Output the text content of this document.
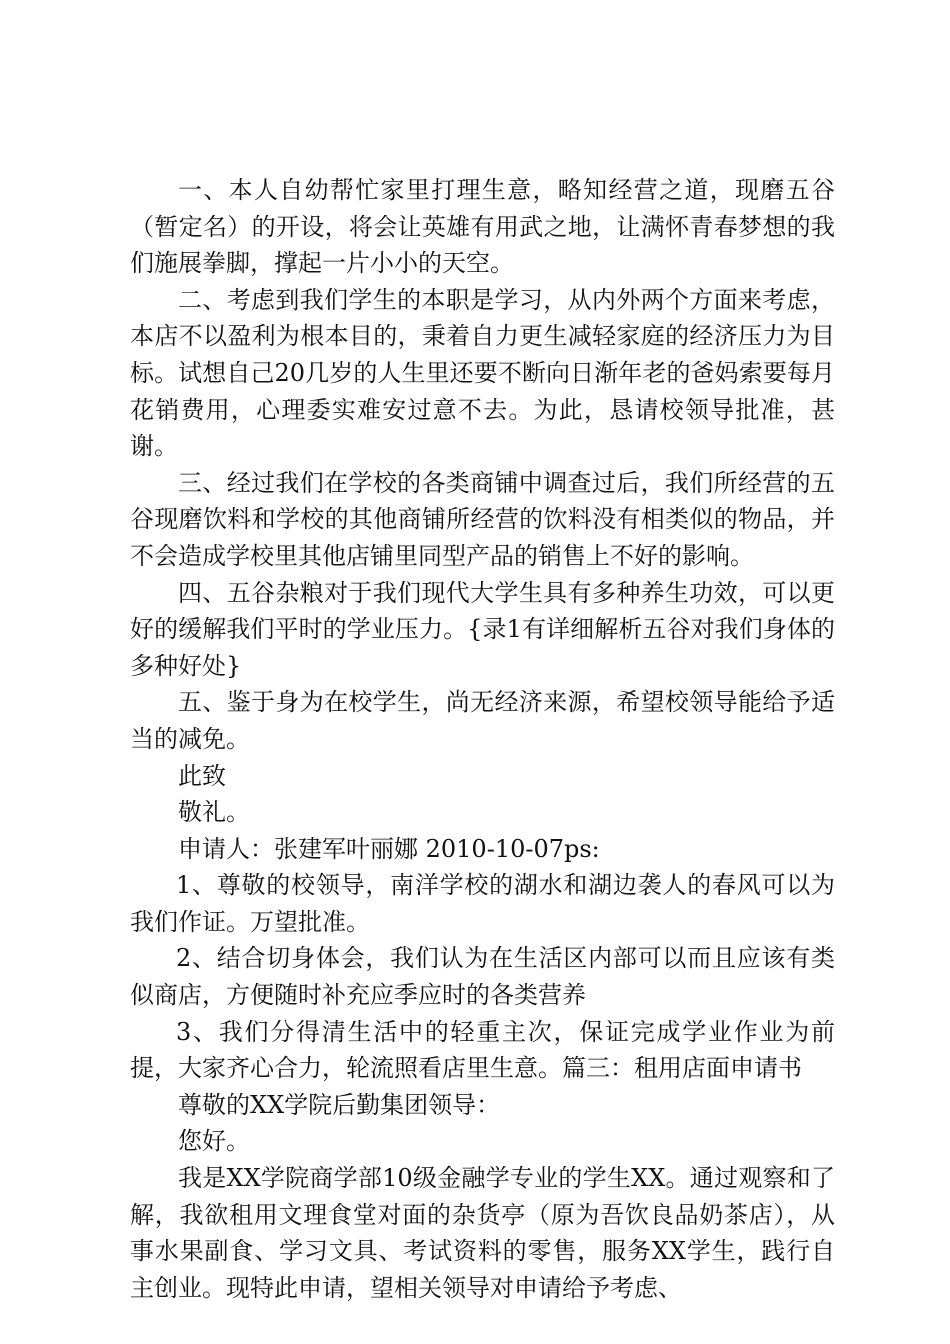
一、本人自幼帮忙家里打理生意，略知经营之道，现磨五谷（暂定名）的开设，将会让英雄有用武之地，让满怀青春梦想的我们施展拳脚，撑起一片小小的天空。

二、考虑到我们学生的本职是学习，从内外两个方面来考虑，本店不以盈利为根本目的，秉着自力更生减轻家庭的经济压力为目标。试想自己20几岁的人生里还要不断向日渐年老的爸妈索要每月花销费用，心理委实难安过意不去。为此，恳请校领导批准，甚谢。

三、经过我们在学校的各类商铺中调查过后，我们所经营的五谷现磨饮料和学校的其他商铺所经营的饮料没有相类似的物品，并不会造成学校里其他店铺里同型产品的销售上不好的影响。

四、五谷杂粮对于我们现代大学生具有多种养生功效，可以更好的缓解我们平时的学业压力。{录1有详细解析五谷对我们身体的多种好处}

五、鉴于身为在校学生，尚无经济来源，希望校领导能给予适当的减免。

此致

敬礼。

申请人：张建军叶丽娜 2010-10-07ps:

1、尊敬的校领导，南洋学校的湖水和湖边袭人的春风可以为我们作证。万望批准。

2、结合切身体会，我们认为在生活区内部可以而且应该有类似商店，方便随时补充应季应时的各类营养

3、我们分得清生活中的轻重主次，保证完成学业作业为前提，大家齐心合力，轮流照看店里生意。篇三：租用店面申请书

尊敬的XX学院后勤集团领导：

您好。

我是XX学院商学部10级金融学专业的学生XX。通过观察和了解，我欲租用文理食堂对面的杂货亭（原为吾饮良品奶茶店），从事水果副食、学习文具、考试资料的零售，服务XX学生，践行自主创业。现特此申请，望相关领导对申请给予考虑、
